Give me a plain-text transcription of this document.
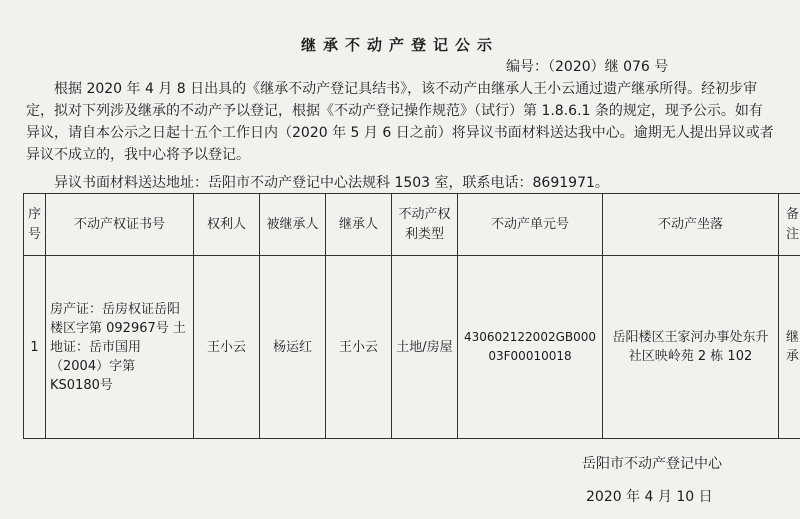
继承不动产登记公示
编号：（2020）继 076 号
根据 2020 年 4 月 8 日出具的《继承不动产登记具结书》，该不动产由继承人王小云通过遗产继承所得。经初步审定，拟对下列涉及继承的不动产予以登记，根据《不动产登记操作规范》（试行）第 1.8.6.1 条的规定，现予公示。如有异议，请自本公示之日起十五个工作日内（2020 年 5 月 6 日之前）将异议书面材料送达我中心。逾期无人提出异议或者异议不成立的，我中心将予以登记。
异议书面材料送达地址：岳阳市不动产登记中心法规科 1503 室，联系电话：8691971。
序号	不动产权证书号	权利人	被继承人	继承人	不动产权利类型	不动产单元号	不动产坐落	备注
1	房产证：岳房权证岳阳楼区字第 092967号 土地证：岳市国用（2004）字第 KS0180号	王小云	杨运红	王小云	土地/房屋	430602122002GB00003F00010018	岳阳楼区王家河办事处东升社区映岭苑 2 栋 102	继承
岳阳市不动产登记中心
2020 年 4 月 10 日
